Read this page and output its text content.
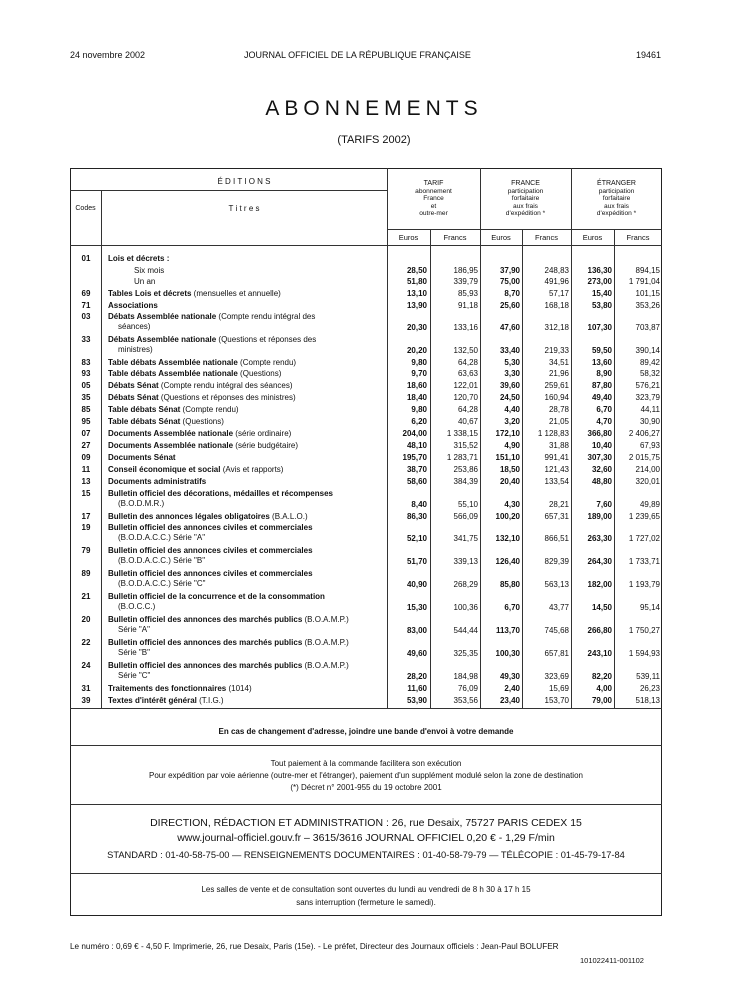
24 novembre 2002	JOURNAL OFFICIEL DE LA RÉPUBLIQUE FRANÇAISE	19461
ABONNEMENTS
(TARIFS 2002)
É D I T I O N S
Codes	T i t r e s
TARIF
abonnement
France
et
outre-mer
FRANCE
participation
forfaitaire
aux frais
d'expédition *
ÉTRANGER
participation
forfaitaire
aux frais
d'expédition *
Euros	Francs	Euros	Francs	Euros	Francs
01	Lois et décrets :
Six mois	28,50	186,95	37,90	248,83	136,30	894,15
Un an	51,80	339,79	75,00	491,96	273,00	1 791,04
69	Tables Lois et décrets (mensuelles et annuelle)	13,10	85,93	8,70	57,17	15,40	101,15
71	Associations	13,90	91,18	25,60	168,18	53,80	353,26
03	Débats Assemblée nationale (Compte rendu intégral des
séances)	20,30	133,16	47,60	312,18	107,30	703,87
33	Débats Assemblée nationale (Questions et réponses des
ministres)	20,20	132,50	33,40	219,33	59,50	390,14
83	Table débats Assemblée nationale (Compte rendu)	9,80	64,28	5,30	34,51	13,60	89,42
93	Table débats Assemblée nationale (Questions)	9,70	63,63	3,30	21,96	8,90	58,32
05	Débats Sénat (Compte rendu intégral des séances)	18,60	122,01	39,60	259,61	87,80	576,21
35	Débats Sénat (Questions et réponses des ministres)	18,40	120,70	24,50	160,94	49,40	323,79
85	Table débats Sénat (Compte rendu)	9,80	64,28	4,40	28,78	6,70	44,11
95	Table débats Sénat (Questions)	6,20	40,67	3,20	21,05	4,70	30,90
07	Documents Assemblée nationale (série ordinaire)	204,00	1 338,15	172,10	1 128,83	366,80	2 406,27
27	Documents Assemblée nationale (série budgétaire)	48,10	315,52	4,90	31,88	10,40	67,93
09	Documents Sénat	195,70	1 283,71	151,10	991,41	307,30	2 015,75
11	Conseil économique et social (Avis et rapports)	38,70	253,86	18,50	121,43	32,60	214,00
13	Documents administratifs	58,60	384,39	20,40	133,54	48,80	320,01
15	Bulletin officiel des décorations, médailles et récompenses
(B.O.D.M.R.)	8,40	55,10	4,30	28,21	7,60	49,89
17	Bulletin des annonces légales obligatoires (B.A.L.O.)	86,30	566,09	100,20	657,31	189,00	1 239,65
19	Bulletin officiel des annonces civiles et commerciales
(B.O.D.A.C.C.) Série "A"	52,10	341,75	132,10	866,51	263,30	1 727,02
79	Bulletin officiel des annonces civiles et commerciales
(B.O.D.A.C.C.) Série "B"	51,70	339,13	126,40	829,39	264,30	1 733,71
89	Bulletin officiel des annonces civiles et commerciales
(B.O.D.A.C.C.) Série "C"	40,90	268,29	85,80	563,13	182,00	1 193,79
21	Bulletin officiel de la concurrence et de la consommation
(B.O.C.C.)	15,30	100,36	6,70	43,77	14,50	95,14
20	Bulletin officiel des annonces des marchés publics (B.O.A.M.P.)
Série "A"	83,00	544,44	113,70	745,68	266,80	1 750,27
22	Bulletin officiel des annonces des marchés publics (B.O.A.M.P.)
Série "B"	49,60	325,35	100,30	657,81	243,10	1 594,93
24	Bulletin officiel des annonces des marchés publics (B.O.A.M.P.)
Série "C"	28,20	184,98	49,30	323,69	82,20	539,11
31	Traitements des fonctionnaires (1014)	11,60	76,09	2,40	15,69	4,00	26,23
39	Textes d'intérêt général (T.I.G.)	53,90	353,56	23,40	153,70	79,00	518,13
En cas de changement d'adresse, joindre une bande d'envoi à votre demande
Tout paiement à la commande facilitera son exécution
Pour expédition par voie aérienne (outre-mer et l'étranger), paiement d'un supplément modulé selon la zone de destination
(*) Décret n° 2001-955 du 19 octobre 2001
DIRECTION, RÉDACTION ET ADMINISTRATION : 26, rue Desaix, 75727 PARIS CEDEX 15
www.journal-officiel.gouv.fr – 3615/3616 JOURNAL OFFICIEL 0,20 € - 1,29 F/min
STANDARD : 01-40-58-75-00 — RENSEIGNEMENTS DOCUMENTAIRES : 01-40-58-79-79 — TÉLÉCOPIE : 01-45-79-17-84
Les salles de vente et de consultation sont ouvertes du lundi au vendredi de 8 h 30 à 17 h 15
sans interruption (fermeture le samedi).
Le numéro : 0,69 € - 4,50 F. Imprimerie, 26, rue Desaix, Paris (15e). - Le préfet, Directeur des Journaux officiels : Jean-Paul BOLUFER
101022411-001102
